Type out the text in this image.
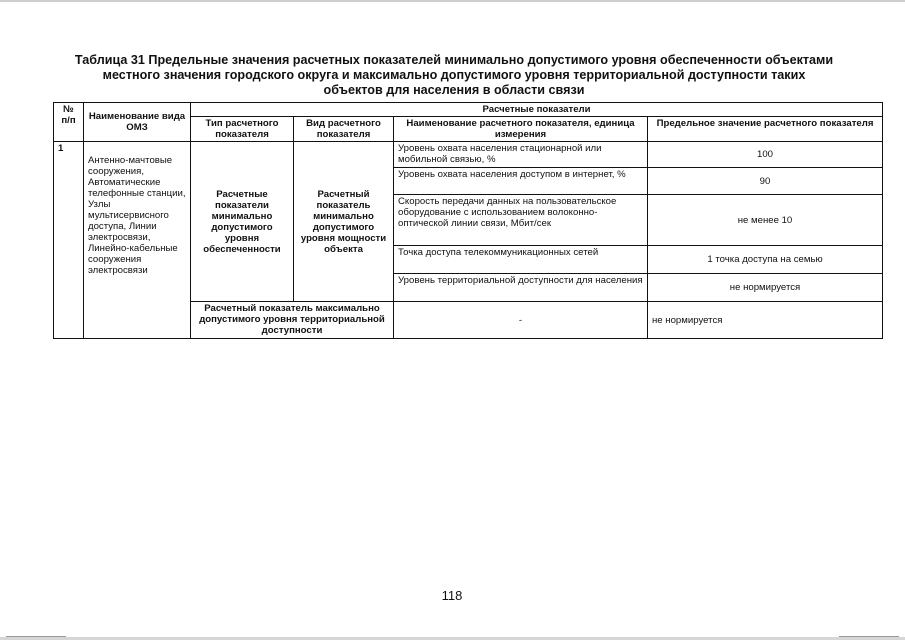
Таблица 31 Предельные значения расчетных показателей минимально допустимого уровня обеспеченности объектами
местного значения городского округа и максимально допустимого уровня территориальной доступности таких
объектов для населения в области связи
№ п/п	Наименование вида ОМЗ	Расчетные показатели			
		Тип расчетного показателя	Вид расчетного показателя	Наименование расчетного показателя, единица измерения	Предельное значение расчетного показателя
1	Антенно-мачтовые сооружения, Автоматические телефонные станции, Узлы мультисервисного доступа, Линии электросвязи, Линейно-кабельные сооружения электросвязи	Расчетные показатели минимально допустимого уровня обеспеченности	Расчетный показатель минимально допустимого уровня мощности объекта	Уровень охвата населения стационарной или мобильной связью, %	100
				Уровень охвата населения доступом в интернет, %	90
				Скорость передачи данных на пользовательское оборудование с использованием волоконно-оптической линии связи, Мбит/сек	не менее 10
				Точка доступа телекоммуникационных сетей	1 точка доступа на семью
				Уровень территориальной доступности для населения	не нормируется
		Расчетный показатель максимально допустимого уровня территориальной доступности		-	не нормируется
118
